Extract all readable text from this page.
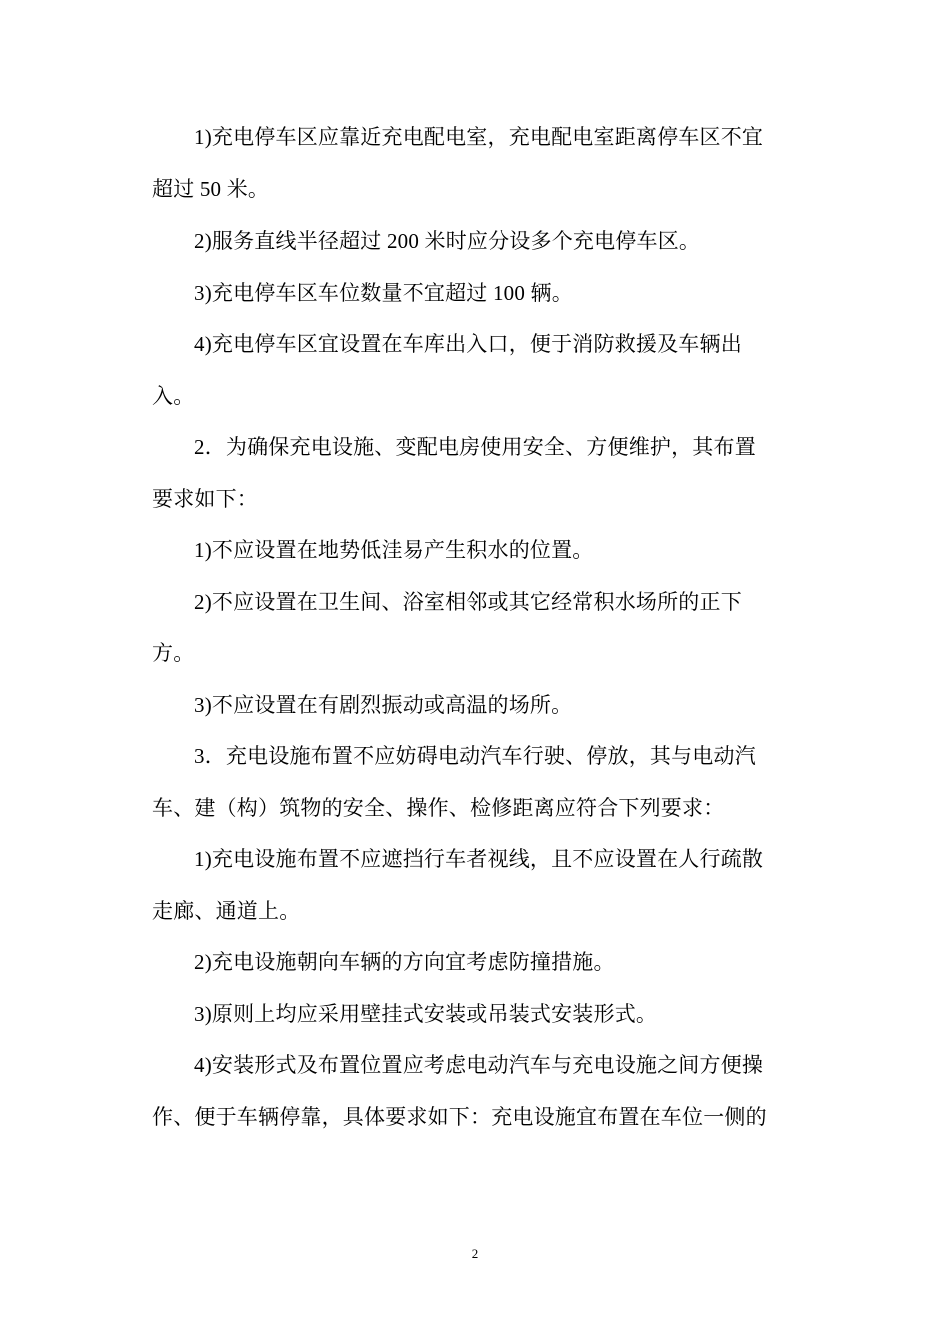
1)充电停车区应靠近充电配电室，充电配电室距离停车区不宜
超过 50 米。
2)服务直线半径超过 200 米时应分设多个充电停车区。
3)充电停车区车位数量不宜超过 100 辆。
4)充电停车区宜设置在车库出入口，便于消防救援及车辆出
入。
2．为确保充电设施、变配电房使用安全、方便维护，其布置
要求如下：
1)不应设置在地势低洼易产生积水的位置。
2)不应设置在卫生间、浴室相邻或其它经常积水场所的正下
方。
3)不应设置在有剧烈振动或高温的场所。
3．充电设施布置不应妨碍电动汽车行驶、停放，其与电动汽
车、建（构）筑物的安全、操作、检修距离应符合下列要求：
1)充电设施布置不应遮挡行车者视线，且不应设置在人行疏散
走廊、通道上。
2)充电设施朝向车辆的方向宜考虑防撞措施。
3)原则上均应采用壁挂式安装或吊装式安装形式。
4)安装形式及布置位置应考虑电动汽车与充电设施之间方便操
作、便于车辆停靠，具体要求如下：充电设施宜布置在车位一侧的
2
